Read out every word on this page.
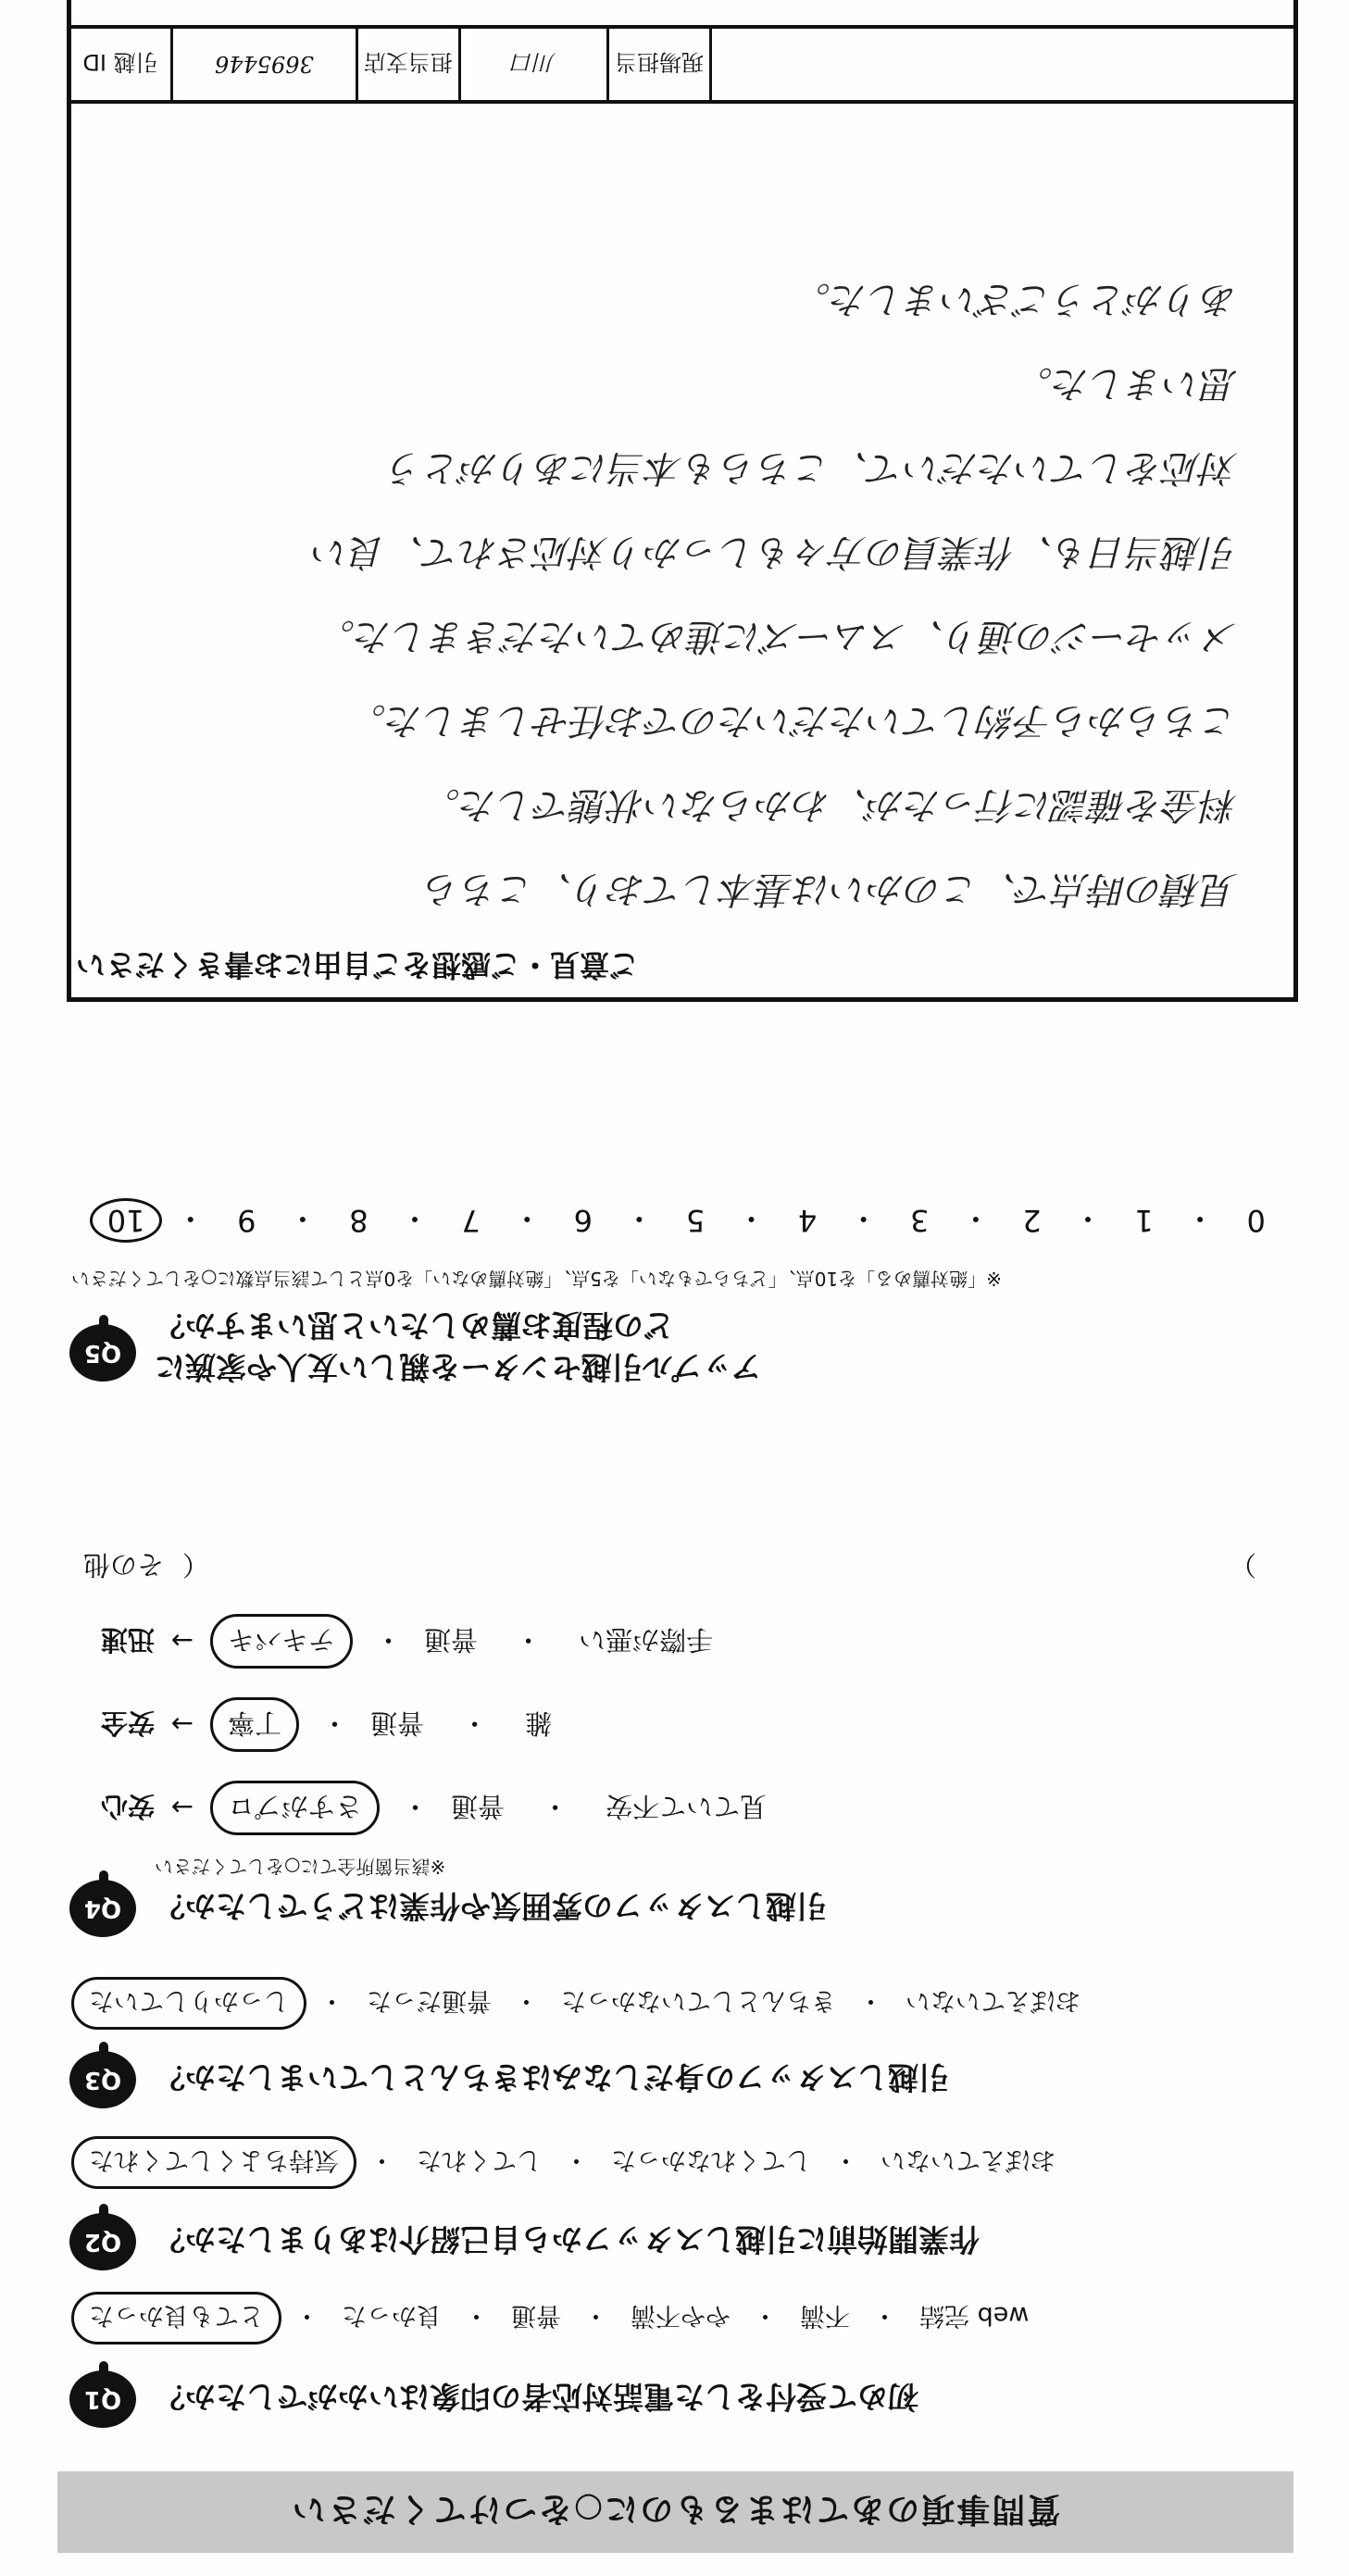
質問事項のあてはまるものに○をつけてください
Q1 初めて受付をした電話対応者の印象はいかがでしたか？
web 完結
・
不満
・
やや不満
・
普通
・
良かった
・
とても良かった
Q2 作業開始前に引越しスタッフから自己紹介はありましたか？
おぼえていない
・
してくれなかった
・
してくれた
・
気持ちよくしてくれた
Q3 引越しスタッフの身だしなみはきちんとしていましたか？
おぼえていない
・
きちんとしていなかった
・
普通だった
・
しっかりしていた
Q4 引越しスタッフの雰囲気や作業はどうでしたか？
※該当箇所全てに○をしてください
見ていて不安
・
普通
・
さすがプロ
→
安心
雑
・
普通
・
丁寧
→
安全
手際が悪い
・
普通
・
テキパキ
→
迅速
）
（
その他
Q5 アップル引越センターを親しい友人や家族に
どの程度お薦めしたいと思いますか？
※「絶対薦める」を10点、「どちらでもない」を5点、「絶対薦めない」を0点として該当点数に○をしてください
0
・
1
・
2
・
3
・
4
・
5
・
6
・
7
・
8
・
9
・
10
ご意見・ご感想をご自由にお書きください
見積の時点で、このかいは基本しており、こちら
料金を確認に行ったが、わからない状態でした。
こちらから予約していただいたのでお任せしました。
メッセージの通り、スムーズに進めていただきました。
引越当日も、作業員の方々もしっかり対応されて、良い
対応をしていただいて、こちらも本当にありがとう
思いました。
ありがとうございました。
現場担当
川口
担当支店
3695446
引越 ID
